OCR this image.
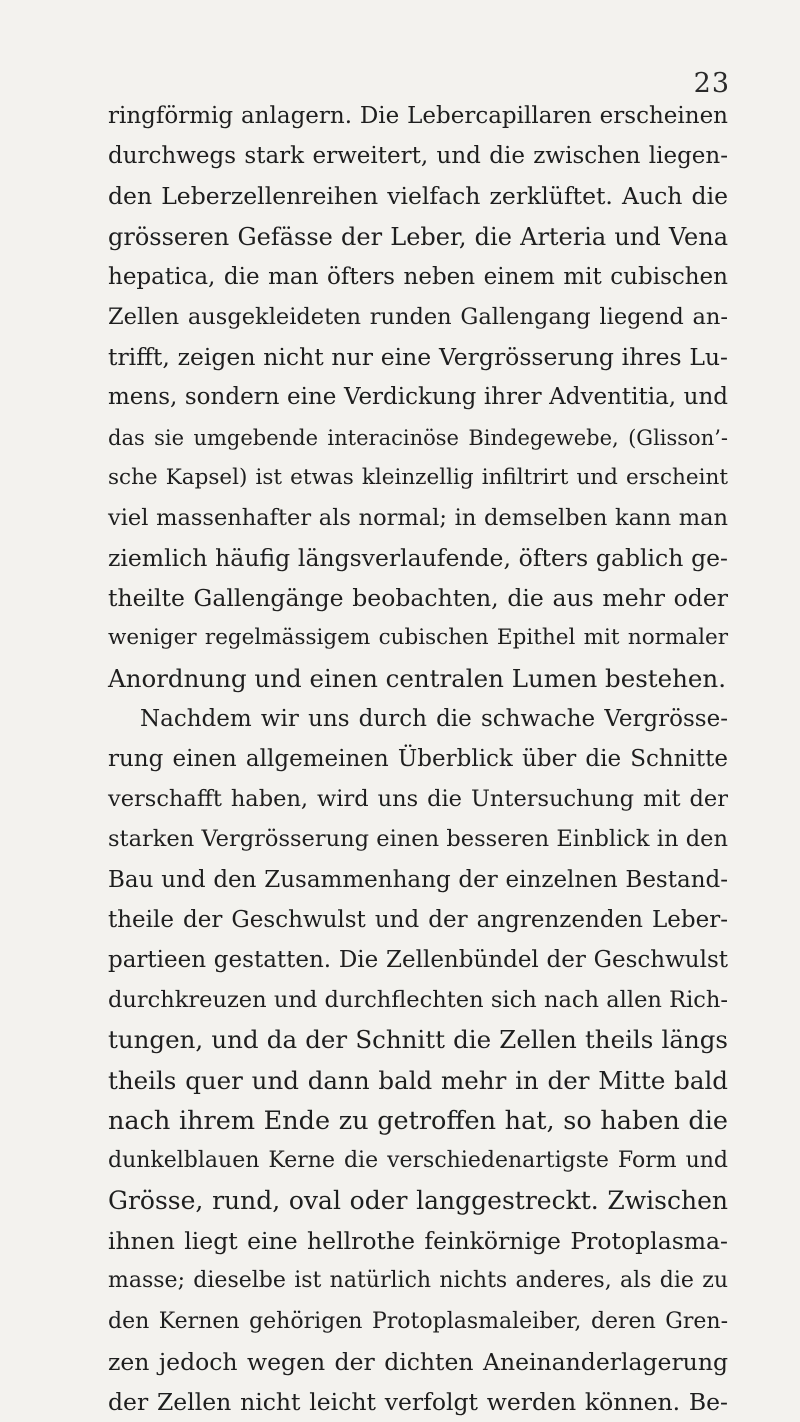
23
ringförmig anlagern. Die Lebercapillaren erscheinen
durchwegs stark erweitert, und die zwischen liegen-
den Leberzellenreihen vielfach zerklüftet. Auch die
grösseren Gefässe der Leber, die Arteria und Vena
hepatica, die man öfters neben einem mit cubischen
Zellen ausgekleideten runden Gallengang liegend an-
trifft, zeigen nicht nur eine Vergrösserung ihres Lu-
mens, sondern eine Verdickung ihrer Adventitia, und
das sie umgebende interacinöse Bindegewebe, (Glisson’-
sche Kapsel) ist etwas kleinzellig infiltrirt und erscheint
viel massenhafter als normal; in demselben kann man
ziemlich häufig längsverlaufende, öfters gablich ge-
theilte Gallengänge beobachten, die aus mehr oder
weniger regelmässigem cubischen Epithel mit normaler
Anordnung und einen centralen Lumen bestehen.
Nachdem wir uns durch die schwache Vergrösse-
rung einen allgemeinen Überblick über die Schnitte
verschafft haben, wird uns die Untersuchung mit der
starken Vergrösserung einen besseren Einblick in den
Bau und den Zusammenhang der einzelnen Bestand-
theile der Geschwulst und der angrenzenden Leber-
partieen gestatten. Die Zellenbündel der Geschwulst
durchkreuzen und durchflechten sich nach allen Rich-
tungen, und da der Schnitt die Zellen theils längs
theils quer und dann bald mehr in der Mitte bald
nach ihrem Ende zu getroffen hat, so haben die
dunkelblauen Kerne die verschiedenartigste Form und
Grösse, rund, oval oder langgestreckt. Zwischen
ihnen liegt eine hellrothe feinkörnige Protoplasma-
masse; dieselbe ist natürlich nichts anderes, als die zu
den Kernen gehörigen Protoplasmaleiber, deren Gren-
zen jedoch wegen der dichten Aneinanderlagerung
der Zellen nicht leicht verfolgt werden können. Be-
